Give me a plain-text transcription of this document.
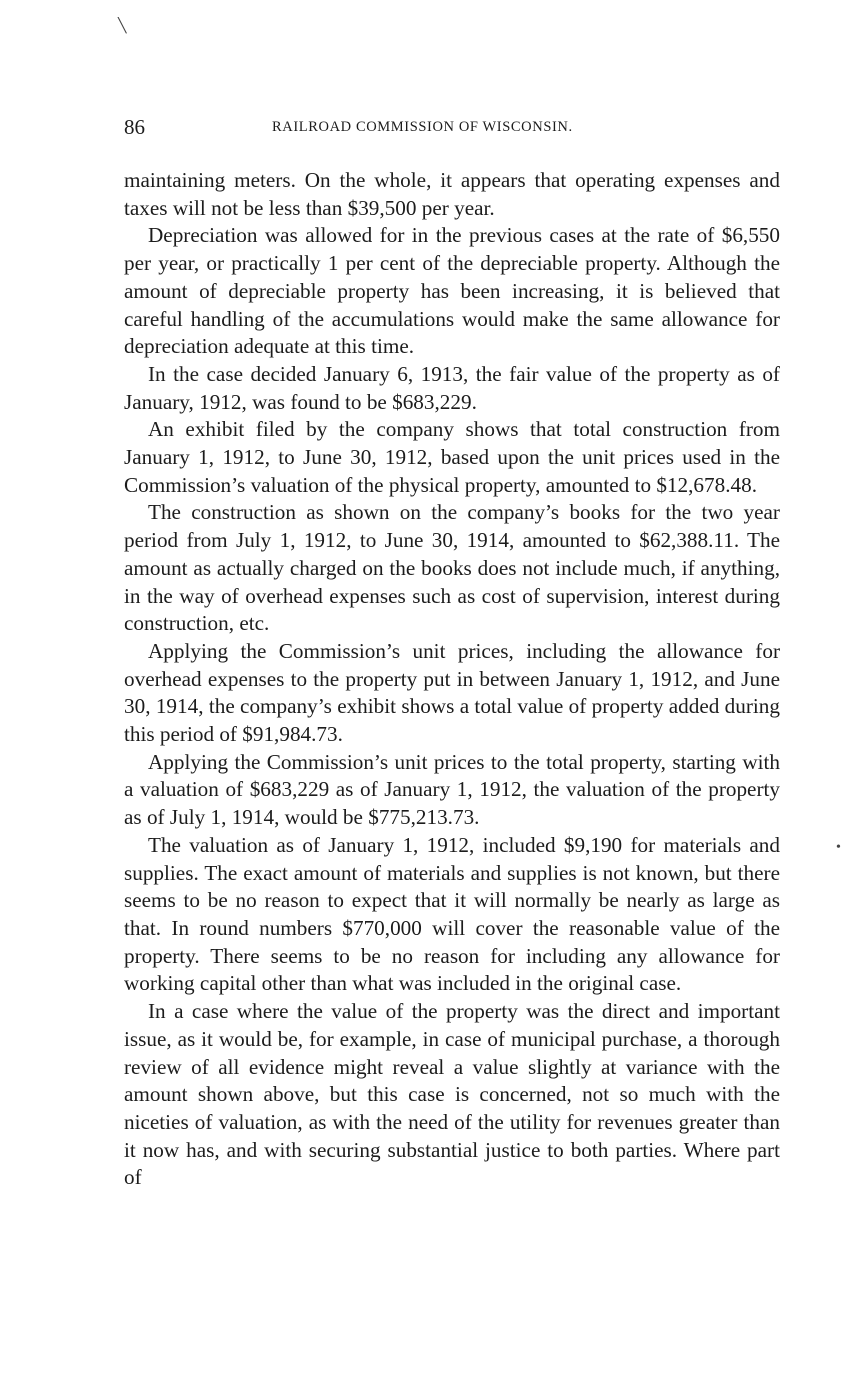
╲
•
86	RAILROAD COMMISSION OF WISCONSIN.

maintaining meters. On the whole, it appears that operating expenses and taxes will not be less than $39,500 per year.

Depreciation was allowed for in the previous cases at the rate of $6,550 per year, or practically 1 per cent of the depreciable property. Although the amount of depreciable property has been increasing, it is believed that careful handling of the accumulations would make the same allowance for depreciation adequate at this time.

In the case decided January 6, 1913, the fair value of the property as of January, 1912, was found to be $683,229.

An exhibit filed by the company shows that total construction from January 1, 1912, to June 30, 1912, based upon the unit prices used in the Commission’s valuation of the physical property, amounted to $12,678.48.

The construction as shown on the company’s books for the two year period from July 1, 1912, to June 30, 1914, amounted to $62,388.11. The amount as actually charged on the books does not include much, if anything, in the way of overhead expenses such as cost of supervision, interest during construction, etc.

Applying the Commission’s unit prices, including the allowance for overhead expenses to the property put in between January 1, 1912, and June 30, 1914, the company’s exhibit shows a total value of property added during this period of $91,984.73.

Applying the Commission’s unit prices to the total property, starting with a valuation of $683,229 as of January 1, 1912, the valuation of the property as of July 1, 1914, would be $775,213.73.

The valuation as of January 1, 1912, included $9,190 for materials and supplies. The exact amount of materials and supplies is not known, but there seems to be no reason to expect that it will normally be nearly as large as that. In round numbers $770,000 will cover the reasonable value of the property. There seems to be no reason for including any allowance for working capital other than what was included in the original case.

In a case where the value of the property was the direct and important issue, as it would be, for example, in case of municipal purchase, a thorough review of all evidence might reveal a value slightly at variance with the amount shown above, but this case is concerned, not so much with the niceties of valuation, as with the need of the utility for revenues greater than it now has, and with securing substantial justice to both parties. Where part of
